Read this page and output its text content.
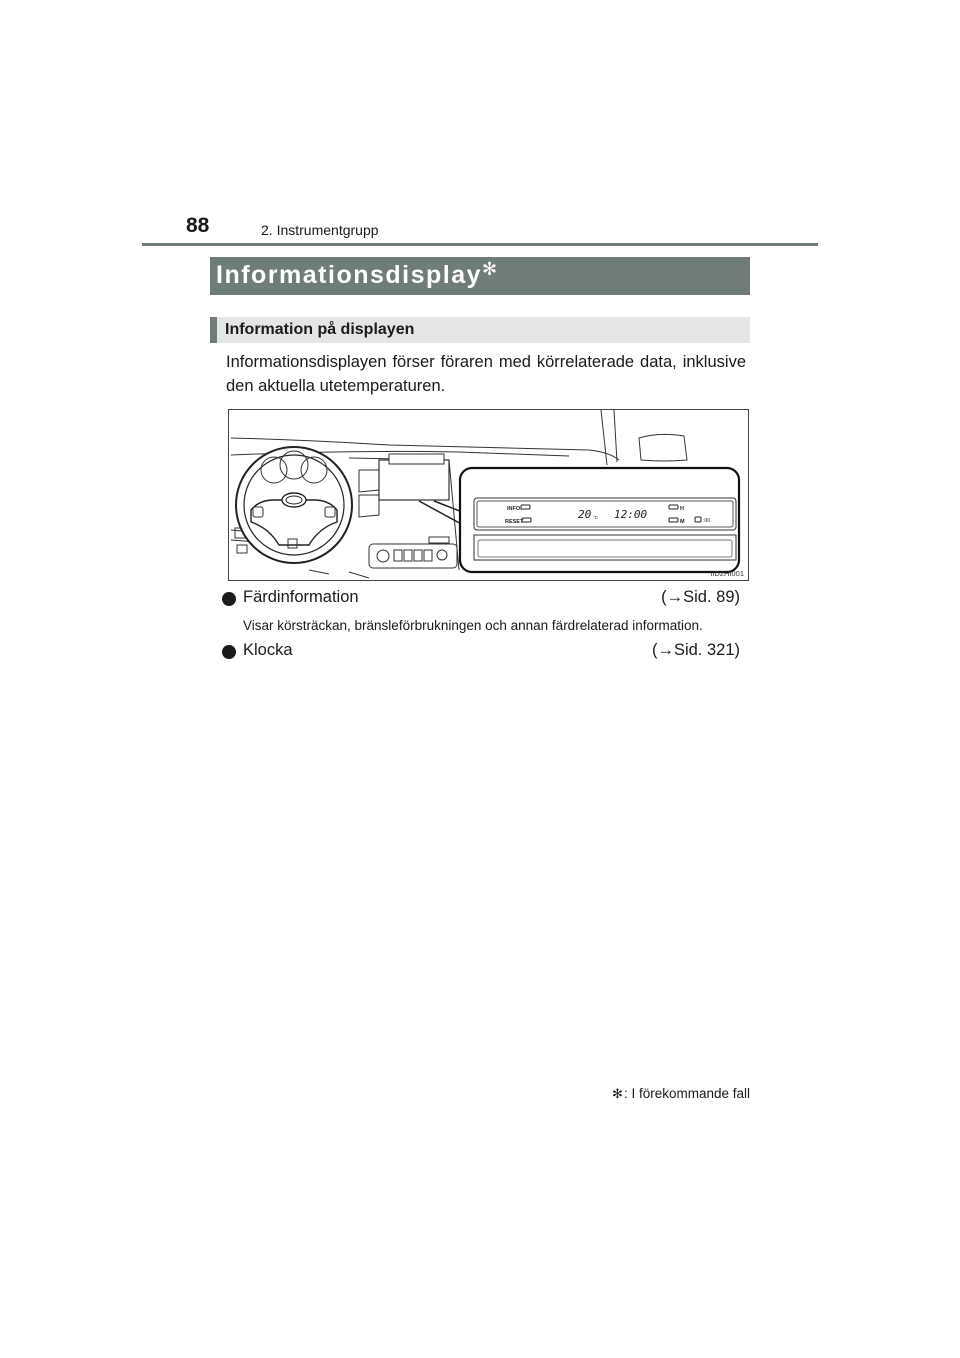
88	2. Instrumentgrupp
Informationsdisplay ✻
Information på displayen
Informationsdisplayen förser föraren med körrelaterade data, inklusive den aktuella utetemperaturen.
INFO.
RESET
20 °C 12:00	H
M	:00
IID2HI001
Färdinformation	(→Sid. 89)
Visar körsträckan, bränsleförbrukningen och annan färdrelaterad information.
Klocka	(→Sid. 321)
✻: I förekommande fall
